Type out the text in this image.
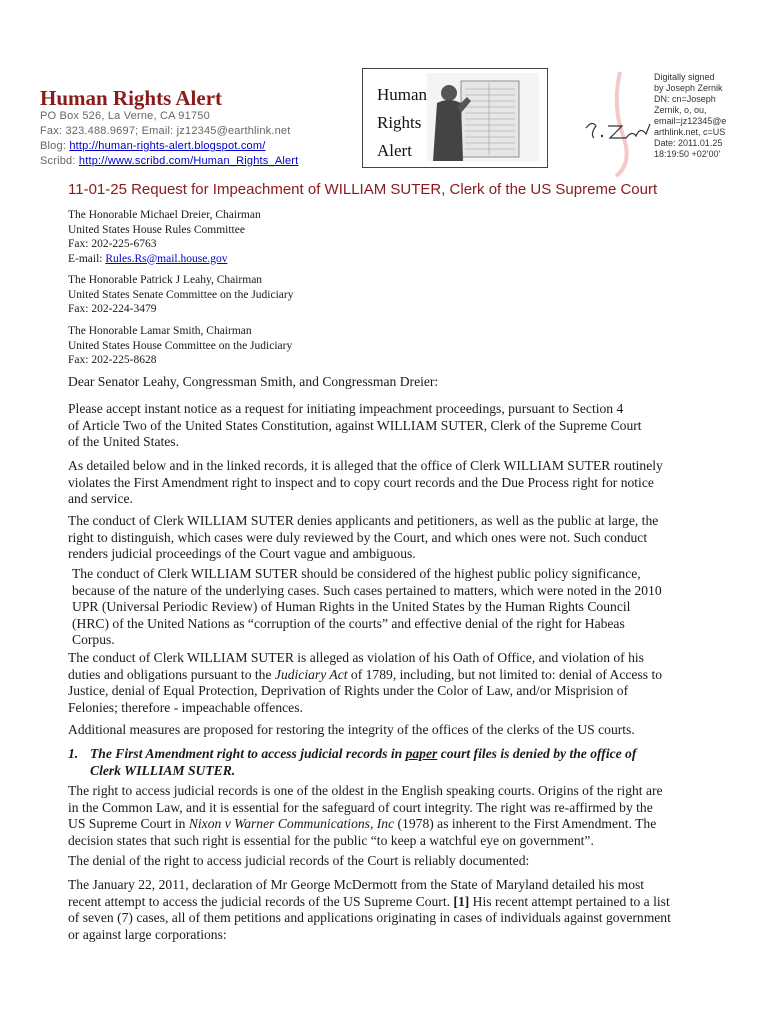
Human Rights Alert
PO Box 526, La Verne, CA 91750
Fax: 323.488.9697; Email: jz12345@earthlink.net
Blog: http://human-rights-alert.blogspot.com/
Scribd: http://www.scribd.com/Human_Rights_Alert
Human
Rights
Alert
Digitally signed
by Joseph Zernik
DN: cn=Joseph
Zernik, o, ou,
email=jz12345@e
arthlink.net, c=US
Date: 2011.01.25
18:19:50 +02'00'
11-01-25 Request for Impeachment of WILLIAM SUTER, Clerk of the US Supreme Court
The Honorable Michael Dreier, Chairman
United States House Rules Committee
Fax: 202-225-6763
E-mail: Rules.Rs@mail.house.gov
The Honorable Patrick J Leahy, Chairman
United States Senate Committee on the Judiciary
Fax: 202-224-3479
The Honorable Lamar Smith, Chairman
United States House Committee on the Judiciary
Fax: 202-225-8628
Dear Senator Leahy, Congressman Smith, and Congressman Dreier:
Please accept instant notice as a request for initiating impeachment proceedings, pursuant to Section 4
of Article Two of the United States Constitution, against WILLIAM SUTER, Clerk of the Supreme Court
of the United States.
As detailed below and in the linked records, it is alleged that the office of Clerk WILLIAM SUTER routinely
violates the First Amendment right to inspect and to copy court records and the Due Process right for notice
and service.
The conduct of Clerk WILLIAM SUTER denies applicants and petitioners, as well as the public at large, the
right to distinguish, which cases were duly reviewed by the Court, and which ones were not. Such conduct
renders judicial proceedings of the Court vague and ambiguous.
The conduct of Clerk WILLIAM SUTER should be considered of the highest public policy significance,
because of the nature of the underlying cases. Such cases pertained to matters, which were noted in the 2010
UPR (Universal Periodic Review) of Human Rights in the United States by the Human Rights Council
(HRC) of the United Nations as “corruption of the courts” and effective denial of the right for Habeas
Corpus.
The conduct of Clerk WILLIAM SUTER is alleged as violation of his Oath of Office, and violation of his
duties and obligations pursuant to the Judiciary Act of 1789, including, but not limited to: denial of Access to
Justice, denial of Equal Protection, Deprivation of Rights under the Color of Law, and/or Misprision of
Felonies; therefore - impeachable offences.
Additional measures are proposed for restoring the integrity of the offices of the clerks of the US courts.
1. The First Amendment right to access judicial records in paper court files is denied by the office of
Clerk WILLIAM SUTER.
The right to access judicial records is one of the oldest in the English speaking courts. Origins of the right are
in the Common Law, and it is essential for the safeguard of court integrity. The right was re-affirmed by the
US Supreme Court in Nixon v Warner Communications, Inc (1978) as inherent to the First Amendment. The
decision states that such right is essential for the public “to keep a watchful eye on government”.
The denial of the right to access judicial records of the Court is reliably documented:
The January 22, 2011, declaration of Mr George McDermott from the State of Maryland detailed his most
recent attempt to access the judicial records of the US Supreme Court. [1] His recent attempt pertained to a list
of seven (7) cases, all of them petitions and applications originating in cases of individuals against government
or against large corporations:
